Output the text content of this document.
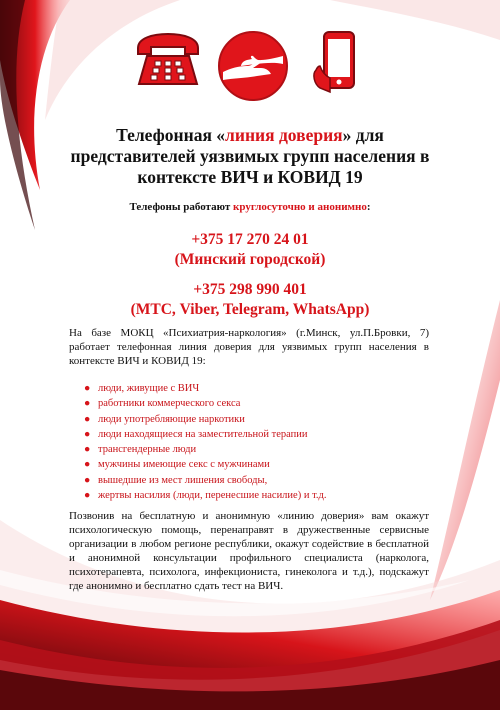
Телефонная «линия доверия» для представителей уязвимых групп населения в контексте ВИЧ и КОВИД 19
Телефоны работают круглосуточно и анонимно:
+375 17 270 24 01
(Минский городской)
+375 298 990 401
(МТС, Viber, Telegram, WhatsApp)
На базе МОКЦ «Психиатрия-наркология» (г.Минск, ул.П.Бровки, 7) работает телефонная линия доверия для уязвимых групп населения в контексте ВИЧ и КОВИД 19:
● люди, живущие с ВИЧ
● работники коммерческого секса
● люди употребляющие наркотики
● люди находящиеся на заместительной терапии
● трансгендерные люди
● мужчины имеющие секс с мужчинами
● вышедшие из мест лишения свободы,
● жертвы насилия (люди, перенесшие насилие) и т.д.
Позвонив на бесплатную и анонимную «линию доверия» вам окажут психологическую помощь, перенаправят в дружественные сервисные организации в любом регионе республики, окажут содействие в бесплатной и анонимной консультации профильного специалиста (нарколога, психотерапевта, психолога, инфекциониста, гинеколога и т.д.), подскажут где анонимно и бесплатно сдать тест на ВИЧ.
